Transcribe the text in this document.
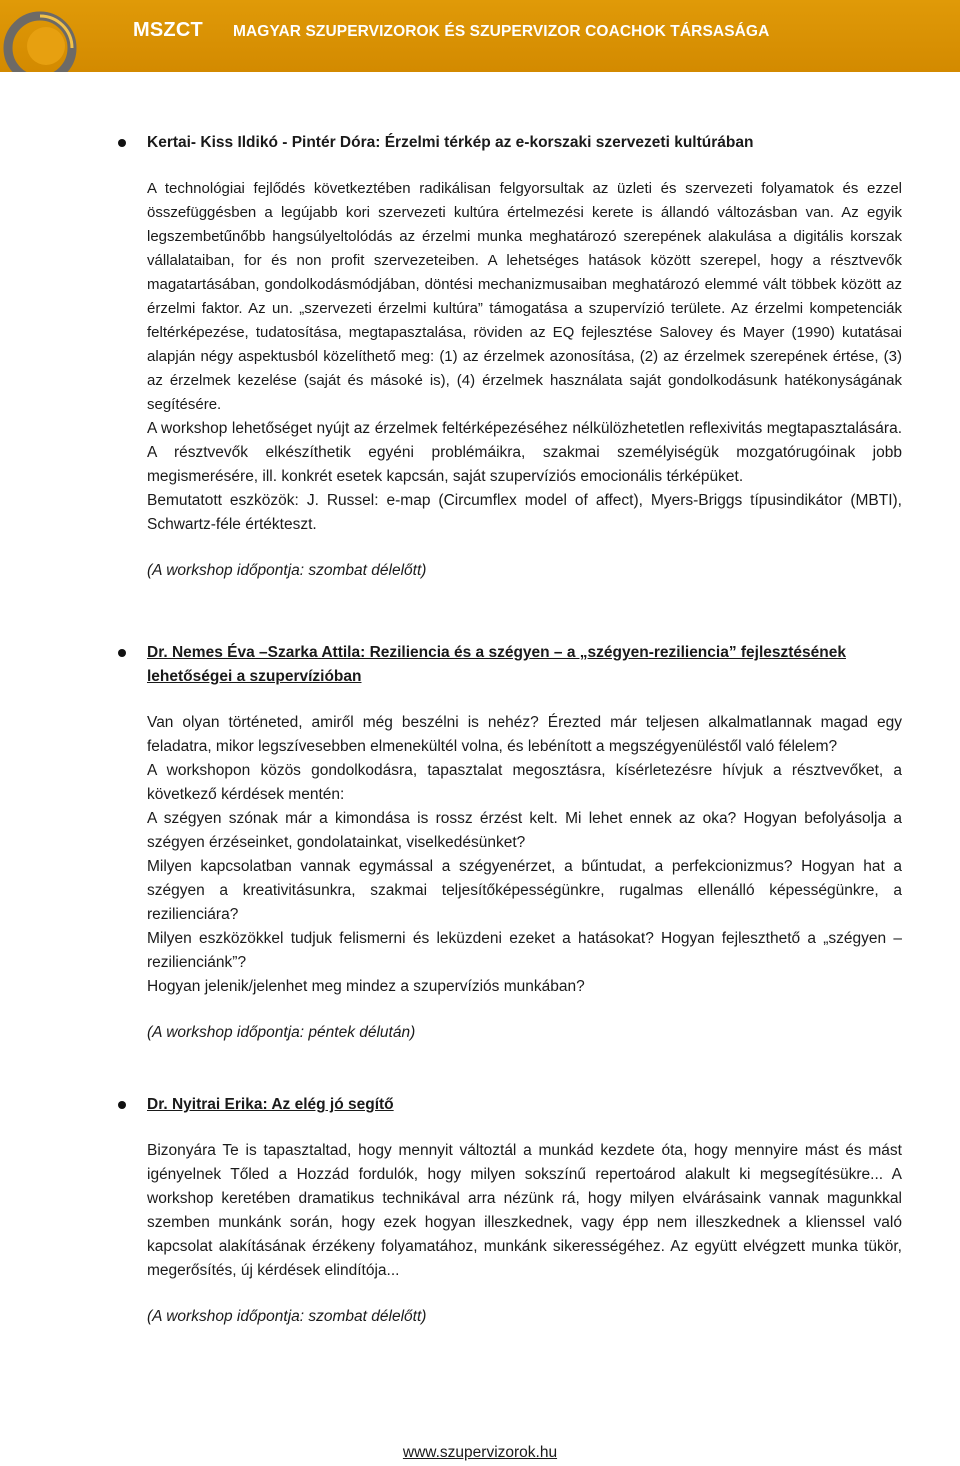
MSZCT MAGYAR SZUPERVIZOROK ÉS SZUPERVIZOR COACHOK TÁRSASÁGA

Kertai- Kiss Ildikó - Pintér Dóra: Érzelmi térkép az e-korszaki szervezeti kultúrában

A technológiai fejlődés következtében radikálisan felgyorsultak az üzleti és szervezeti folyamatok és ezzel összefüggésben a legújabb kori szervezeti kultúra értelmezési kerete is állandó változásban van. Az egyik legszembetűnőbb hangsúlyeltolódás az érzelmi munka meghatározó szerepének alakulása a digitális korszak vállalataiban, for és non profit szervezeteiben. A lehetséges hatások között szerepel, hogy a résztvevők magatartásában, gondolkodásmódjában, döntési mechanizmusaiban meghatározó elemmé vált többek között az érzelmi faktor. Az un. „szervezeti érzelmi kultúra” támogatása a szupervízió területe. Az érzelmi kompetenciák feltérképezése, tudatosítása, megtapasztalása, röviden az EQ fejlesztése Salovey és Mayer (1990) kutatásai alapján négy aspektusból közelíthető meg: (1) az érzelmek azonosítása, (2) az érzelmek szerepének értése, (3) az érzelmek kezelése (saját és másoké is), (4) érzelmek használata saját gondolkodásunk hatékonyságának segítésére.

A workshop lehetőséget nyújt az érzelmek feltérképezéséhez nélkülözhetetlen reflexivitás megtapasztalására. A résztvevők elkészíthetik egyéni problémáikra, szakmai személyiségük mozgatórugóinak jobb megismerésére, ill. konkrét esetek kapcsán, saját szupervíziós emocionális térképüket.

Bemutatott eszközök: J. Russel: e-map (Circumflex model of affect), Myers-Briggs típusindikátor (MBTI), Schwartz-féle értékteszt.

(A workshop időpontja: szombat délelőtt)

Dr. Nemes Éva –Szarka Attila: Reziliencia és a szégyen – a „szégyen-reziliencia” fejlesztésének lehetőségei a szupervízióban

Van olyan történeted, amiről még beszélni is nehéz? Érezted már teljesen alkalmatlannak magad egy feladatra, mikor legszívesebben elmenekültél volna, és lebénított a megszégyenüléstől való félelem?

A workshopon közös gondolkodásra, tapasztalat megosztásra, kísérletezésre hívjuk a résztvevőket, a következő kérdések mentén:

A szégyen szónak már a kimondása is rossz érzést kelt. Mi lehet ennek az oka? Hogyan befolyásolja a szégyen érzéseinket, gondolatainkat, viselkedésünket?

Milyen kapcsolatban vannak egymással a szégyenérzet, a bűntudat, a perfekcionizmus? Hogyan hat a szégyen a kreativitásunkra, szakmai teljesítőképességünkre, rugalmas ellenálló képességünkre, a rezilienciára?

Milyen eszközökkel tudjuk felismerni és leküzdeni ezeket a hatásokat? Hogyan fejleszthető a „szégyen – rezilienciánk”?

Hogyan jelenik/jelenhet meg mindez a szupervíziós munkában?

(A workshop időpontja: péntek délután)

Dr. Nyitrai Erika: Az elég jó segítő

Bizonyára Te is tapasztaltad, hogy mennyit változtál a munkád kezdete óta, hogy mennyire mást és mást igényelnek Tőled a Hozzád fordulók, hogy milyen sokszínű repertoárod alakult ki megsegítésükre... A workshop keretében dramatikus technikával arra nézünk rá, hogy milyen elvárásaink vannak magunkkal szemben munkánk során, hogy ezek hogyan illeszkednek, vagy épp nem illeszkednek a klienssel való kapcsolat alakításának érzékeny folyamatához, munkánk sikerességéhez. Az együtt elvégzett munka tükör, megerősítés, új kérdések elindítója...

(A workshop időpontja: szombat délelőtt)

www.szupervizorok.hu
